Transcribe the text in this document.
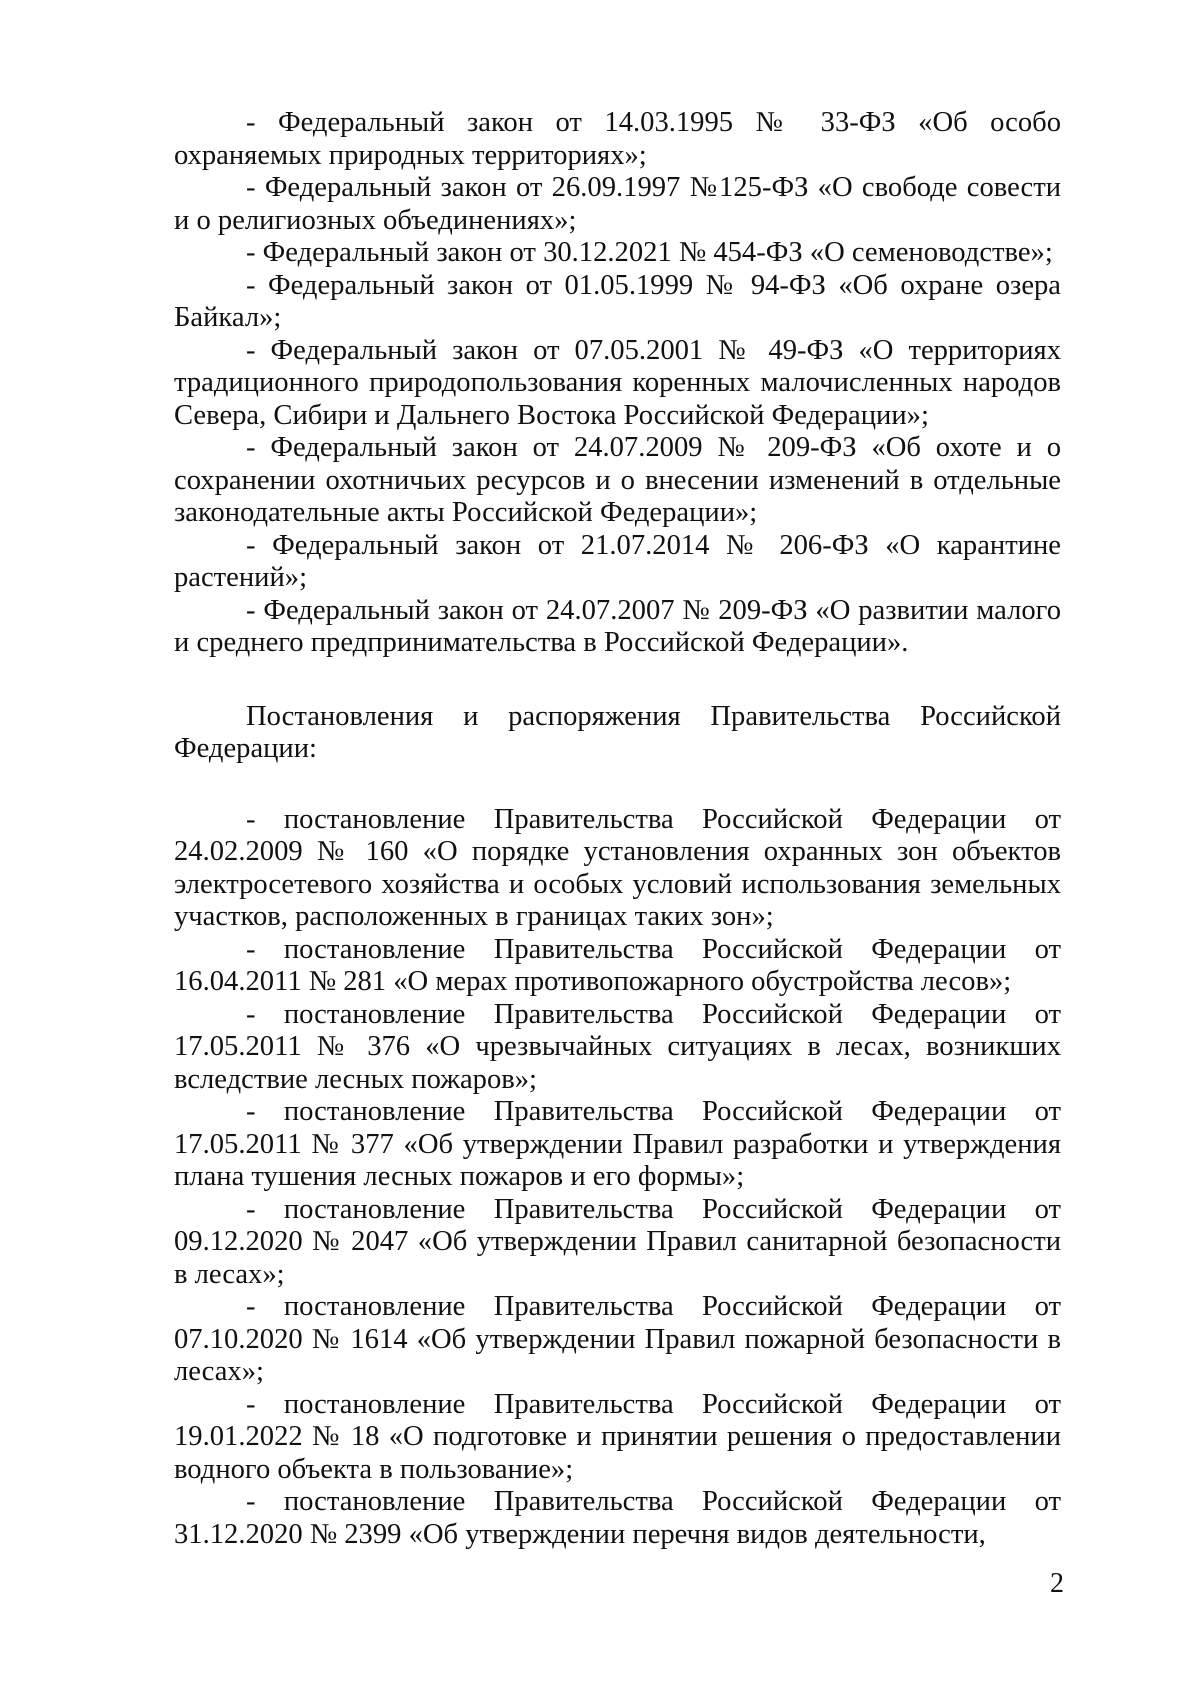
- Федеральный закон от 14.03.1995 № 33-ФЗ «Об особо охраняемых природных территориях»;

- Федеральный закон от 26.09.1997 №125-ФЗ «О свободе совести и о религиозных объединениях»;

- Федеральный закон от 30.12.2021 № 454-ФЗ «О семеноводстве»;

- Федеральный закон от 01.05.1999 № 94-ФЗ «Об охране озера Байкал»;

- Федеральный закон от 07.05.2001 № 49-ФЗ «О территориях традиционного природопользования коренных малочисленных народов Севера, Сибири и Дальнего Востока Российской Федерации»;

- Федеральный закон от 24.07.2009 № 209-ФЗ «Об охоте и о сохранении охотничьих ресурсов и о внесении изменений в отдельные законодательные акты Российской Федерации»;

- Федеральный закон от 21.07.2014 № 206-ФЗ «О карантине растений»;

- Федеральный закон от 24.07.2007 № 209-ФЗ «О развитии малого и среднего предпринимательства в Российской Федерации».

Постановления и распоряжения Правительства Российской Федерации:

- постановление Правительства Российской Федерации от 24.02.2009 № 160 «О порядке установления охранных зон объектов электросетевого хозяйства и особых условий использования земельных участков, расположенных в границах таких зон»;

- постановление Правительства Российской Федерации от 16.04.2011 № 281 «О мерах противопожарного обустройства лесов»;

- постановление Правительства Российской Федерации от 17.05.2011 № 376 «О чрезвычайных ситуациях в лесах, возникших вследствие лесных пожаров»;

- постановление Правительства Российской Федерации от 17.05.2011 № 377 «Об утверждении Правил разработки и утверждения плана тушения лесных пожаров и его формы»;

- постановление Правительства Российской Федерации от 09.12.2020 № 2047 «Об утверждении Правил санитарной безопасности в лесах»;

- постановление Правительства Российской Федерации от 07.10.2020 № 1614 «Об утверждении Правил пожарной безопасности в лесах»;

- постановление Правительства Российской Федерации от 19.01.2022 № 18 «О подготовке и принятии решения о предоставлении водного объекта в пользование»;

- постановление Правительства Российской Федерации от 31.12.2020 № 2399 «Об утверждении перечня видов деятельности,

2
